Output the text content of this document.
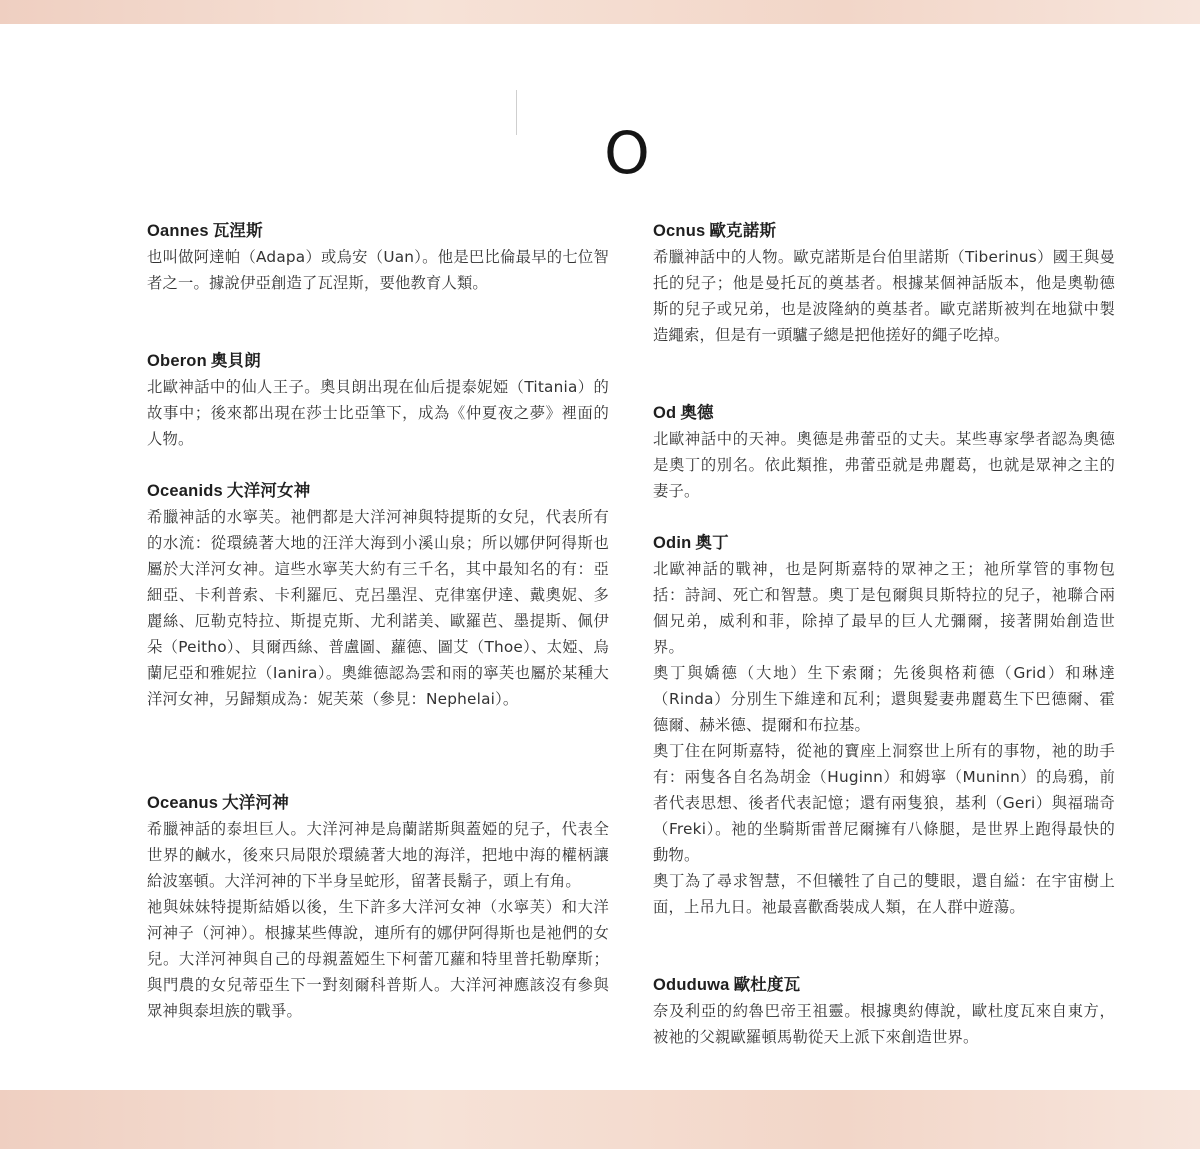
O
Oannes 瓦涅斯

也叫做阿達帕（Adapa）或烏安（Uan）。他是巴比倫最早的七位智者之一。據說伊亞創造了瓦涅斯，要他教育人類。

Oberon 奧貝朗

北歐神話中的仙人王子。奧貝朗出現在仙后提泰妮婭（Titania）的故事中；後來都出現在莎士比亞筆下，成為《仲夏夜之夢》裡面的人物。

Oceanids 大洋河女神

希臘神話的水寧芙。祂們都是大洋河神與特提斯的女兒，代表所有的水流：從環繞著大地的汪洋大海到小溪山泉；所以娜伊阿得斯也屬於大洋河女神。這些水寧芙大約有三千名，其中最知名的有：亞細亞、卡利普索、卡利羅厄、克呂墨涅、克律塞伊達、戴奧妮、多麗絲、厄勒克特拉、斯提克斯、尤利諾美、歐羅芭、墨提斯、佩伊朵（Peitho）、貝爾西絲、普盧圖、蘿德、圖艾（Thoe）、太婭、烏蘭尼亞和雅妮拉（Ianira）。奧維德認為雲和雨的寧芙也屬於某種大洋河女神，另歸類成為：妮芙萊（參見：Nephelai）。

Oceanus 大洋河神

希臘神話的泰坦巨人。大洋河神是烏蘭諾斯與蓋婭的兒子，代表全世界的鹹水，後來只局限於環繞著大地的海洋，把地中海的權柄讓給波塞頓。大洋河神的下半身呈蛇形，留著長鬍子，頭上有角。

祂與妹妹特提斯結婚以後，生下許多大洋河女神（水寧芙）和大洋河神子（河神）。根據某些傳說，連所有的娜伊阿得斯也是祂們的女兒。大洋河神與自己的母親蓋婭生下柯蕾兀蘿和特里普托勒摩斯；與門農的女兒蒂亞生下一對刻爾科普斯人。大洋河神應該沒有參與眾神與泰坦族的戰爭。

Ocnus 歐克諾斯

希臘神話中的人物。歐克諾斯是台伯里諾斯（Tiberinus）國王與曼托的兒子；他是曼托瓦的奠基者。根據某個神話版本，他是奧勒德斯的兒子或兄弟，也是波隆納的奠基者。歐克諾斯被判在地獄中製造繩索，但是有一頭驢子總是把他搓好的繩子吃掉。

Od 奧德

北歐神話中的天神。奧德是弗蕾亞的丈夫。某些專家學者認為奧德是奧丁的別名。依此類推，弗蕾亞就是弗麗葛，也就是眾神之主的妻子。

Odin 奧丁

北歐神話的戰神，也是阿斯嘉特的眾神之王；祂所掌管的事物包括：詩詞、死亡和智慧。奧丁是包爾與貝斯特拉的兒子，祂聯合兩個兄弟，威利和菲，除掉了最早的巨人尤彌爾，接著開始創造世界。

奧丁與嬌德（大地）生下索爾；先後與格莉德（Grid）和琳達（Rinda）分別生下維達和瓦利；還與髮妻弗麗葛生下巴德爾、霍德爾、赫米德、提爾和布拉基。

奧丁住在阿斯嘉特，從祂的寶座上洞察世上所有的事物，祂的助手有：兩隻各自名為胡金（Huginn）和姆寧（Muninn）的烏鴉，前者代表思想、後者代表記憶；還有兩隻狼，基利（Geri）與福瑞奇（Freki）。祂的坐騎斯雷普尼爾擁有八條腿，是世界上跑得最快的動物。

奧丁為了尋求智慧，不但犧牲了自己的雙眼，還自縊：在宇宙樹上面，上吊九日。祂最喜歡喬裝成人類，在人群中遊蕩。

Oduduwa 歐杜度瓦

奈及利亞的約魯巴帝王祖靈。根據奧約傳說，歐杜度瓦來自東方，被祂的父親歐羅頓馬勒從天上派下來創造世界。
